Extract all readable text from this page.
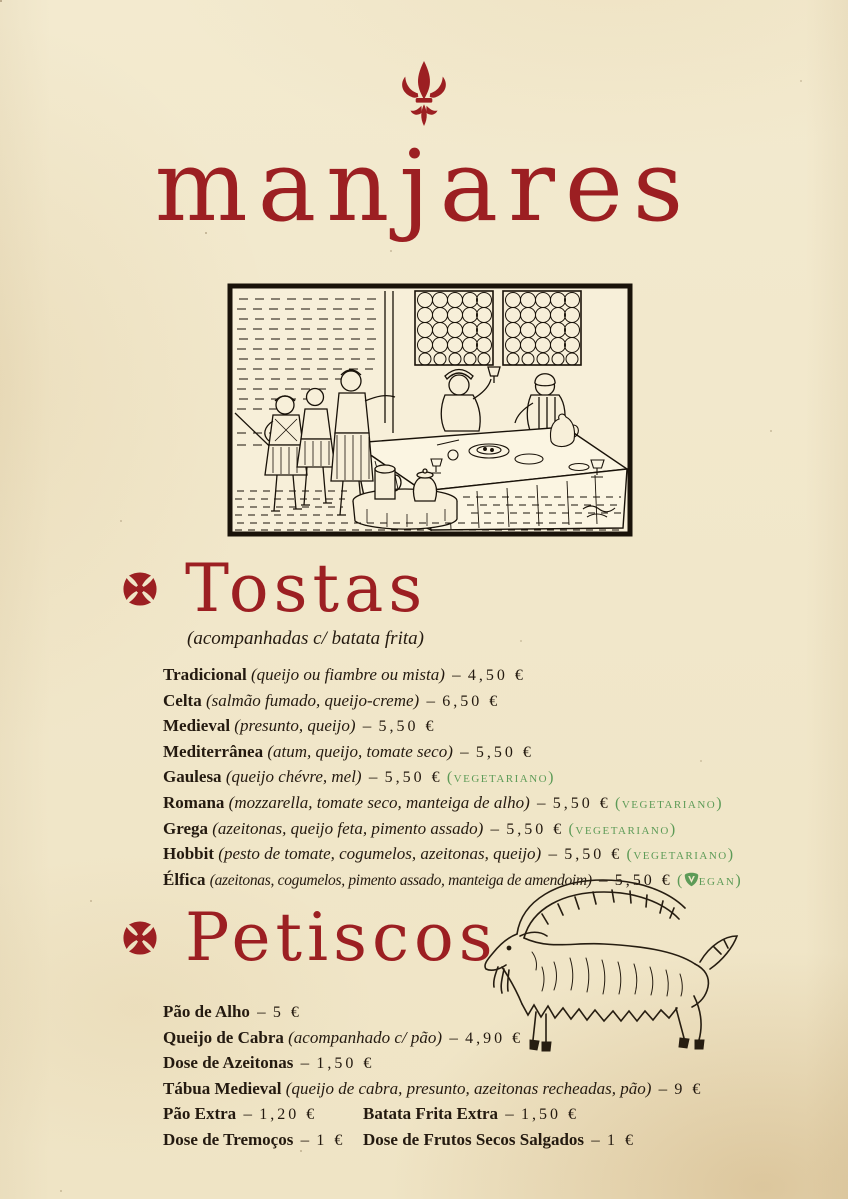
manjares
Tostas
(acompanhadas c/ batata frita)
Tradicional (queijo ou fiambre ou mista) – 4,50 €
Celta (salmão fumado, queijo-creme) – 6,50 €
Medieval (presunto, queijo) – 5,50 €
Mediterrânea (atum, queijo, tomate seco) – 5,50 €
Gaulesa (queijo chévre, mel) – 5,50 € (vegetariano)
Romana (mozzarella, tomate seco, manteiga de alho) – 5,50 € (vegetariano)
Grega (azeitonas, queijo feta, pimento assado) – 5,50 € (vegetariano)
Hobbit (pesto de tomate, cogumelos, azeitonas, queijo) – 5,50 € (vegetariano)
Élfica (azeitonas, cogumelos, pimento assado, manteiga de amendoim) – 5,50 € ( egan)
Petiscos
Pão de Alho – 5 €
Queijo de Cabra (acompanhado c/ pão) – 4,90 €
Dose de Azeitonas – 1,50 €
Tábua Medieval (queijo de cabra, presunto, azeitonas recheadas, pão) – 9 €
Pão Extra – 1,20 €	Batata Frita Extra – 1,50 €
Dose de Tremoços – 1 €	Dose de Frutos Secos Salgados – 1 €
